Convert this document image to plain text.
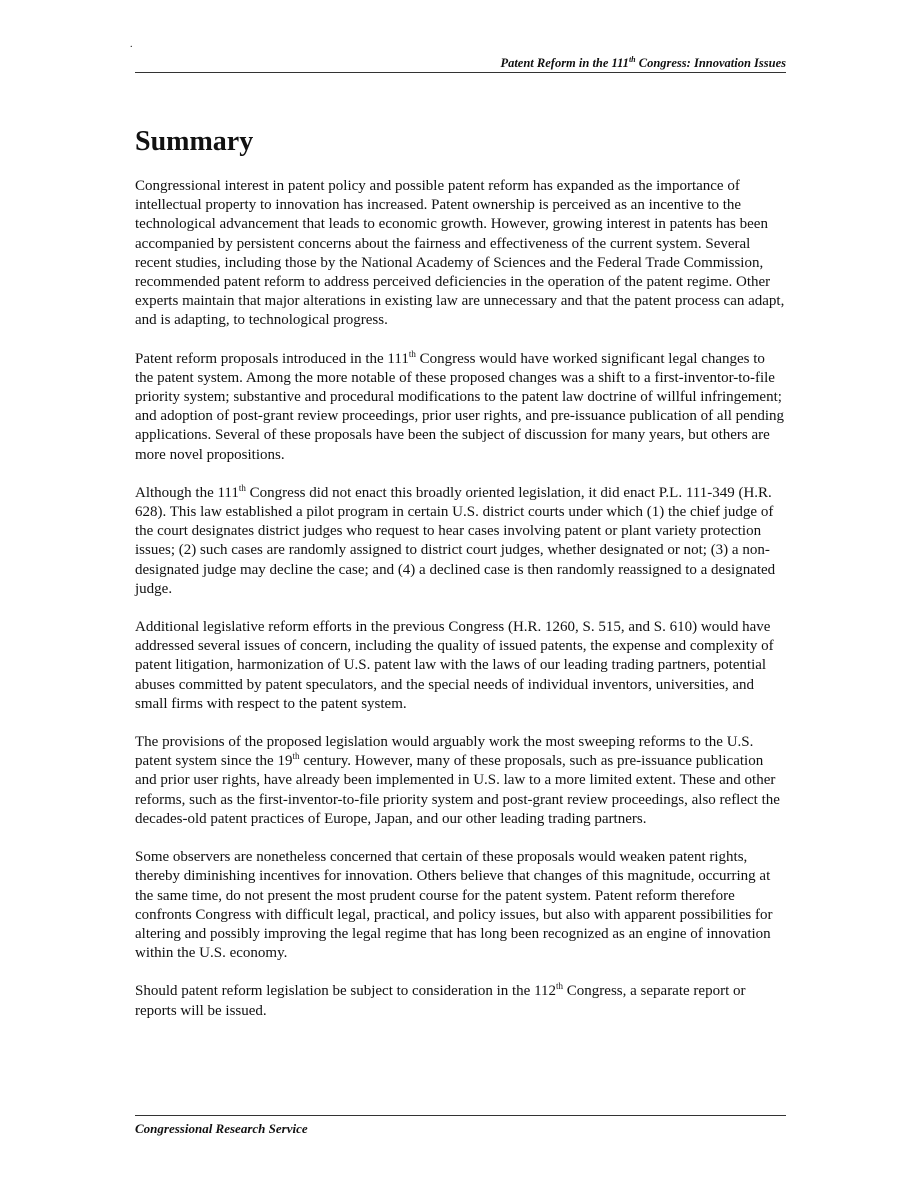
.
Patent Reform in the 111th Congress: Innovation Issues
Summary

Congressional interest in patent policy and possible patent reform has expanded as the importance of intellectual property to innovation has increased. Patent ownership is perceived as an incentive to the technological advancement that leads to economic growth. However, growing interest in patents has been accompanied by persistent concerns about the fairness and effectiveness of the current system. Several recent studies, including those by the National Academy of Sciences and the Federal Trade Commission, recommended patent reform to address perceived deficiencies in the operation of the patent regime. Other experts maintain that major alterations in existing law are unnecessary and that the patent process can adapt, and is adapting, to technological progress.

Patent reform proposals introduced in the 111th Congress would have worked significant legal changes to the patent system. Among the more notable of these proposed changes was a shift to a first-inventor-to-file priority system; substantive and procedural modifications to the patent law doctrine of willful infringement; and adoption of post-grant review proceedings, prior user rights, and pre-issuance publication of all pending applications. Several of these proposals have been the subject of discussion for many years, but others are more novel propositions.

Although the 111th Congress did not enact this broadly oriented legislation, it did enact P.L. 111-349 (H.R. 628). This law established a pilot program in certain U.S. district courts under which (1) the chief judge of the court designates district judges who request to hear cases involving patent or plant variety protection issues; (2) such cases are randomly assigned to district court judges, whether designated or not; (3) a non-designated judge may decline the case; and (4) a declined case is then randomly reassigned to a designated judge.

Additional legislative reform efforts in the previous Congress (H.R. 1260, S. 515, and S. 610) would have addressed several issues of concern, including the quality of issued patents, the expense and complexity of patent litigation, harmonization of U.S. patent law with the laws of our leading trading partners, potential abuses committed by patent speculators, and the special needs of individual inventors, universities, and small firms with respect to the patent system.

The provisions of the proposed legislation would arguably work the most sweeping reforms to the U.S. patent system since the 19th century. However, many of these proposals, such as pre-issuance publication and prior user rights, have already been implemented in U.S. law to a more limited extent. These and other reforms, such as the first-inventor-to-file priority system and post-grant review proceedings, also reflect the decades-old patent practices of Europe, Japan, and our other leading trading partners.

Some observers are nonetheless concerned that certain of these proposals would weaken patent rights, thereby diminishing incentives for innovation. Others believe that changes of this magnitude, occurring at the same time, do not present the most prudent course for the patent system. Patent reform therefore confronts Congress with difficult legal, practical, and policy issues, but also with apparent possibilities for altering and possibly improving the legal regime that has long been recognized as an engine of innovation within the U.S. economy.

Should patent reform legislation be subject to consideration in the 112th Congress, a separate report or reports will be issued.

Congressional Research Service
